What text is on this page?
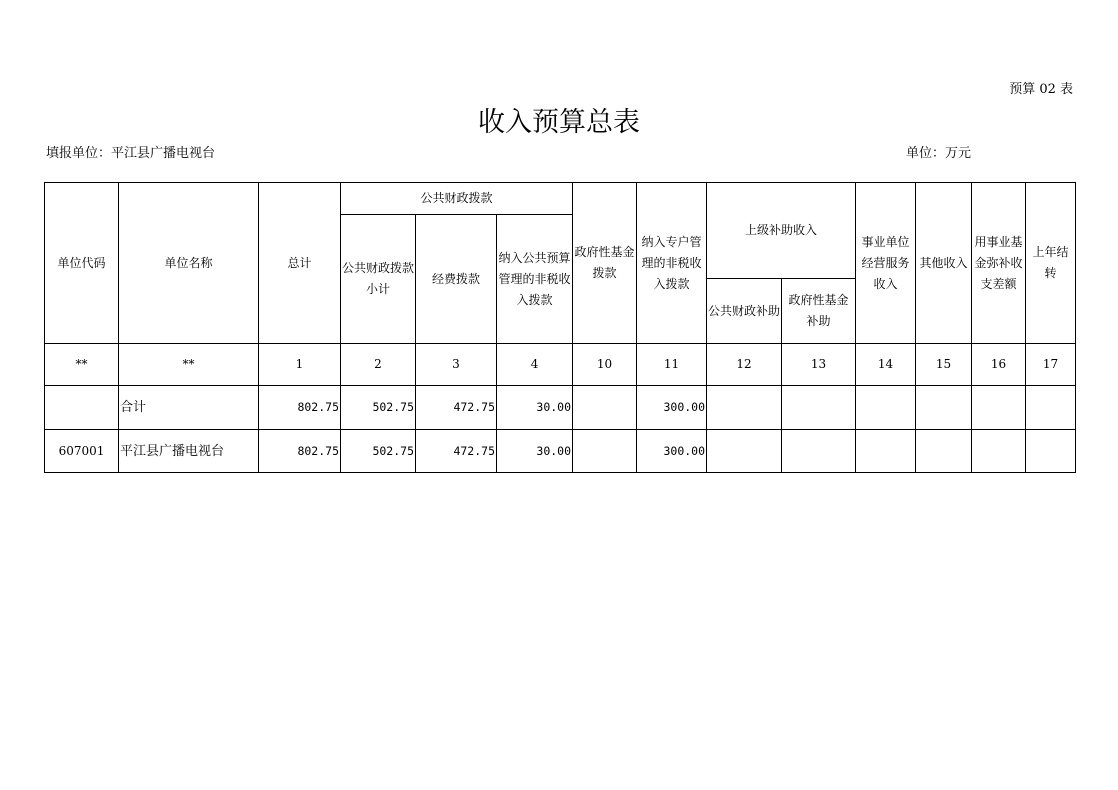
预算 02 表
收入预算总表
填报单位：平江县广播电视台	单位：万元
单位代码	单位名称	总计	公共财政拨款			政府性基金拨款	纳入专户管理的非税收入拨款	上级补助收入		事业单位经营服务收入	其他收入	用事业基金弥补收支差额	上年结转
			公共财政拨款小计	经费拨款	纳入公共预算管理的非税收入拨款								
								公共财政补助	政府性基金补助				
**	**	1	2	3	4	10	11	12	13	14	15	16	17
	合计	802.75	502.75	472.75	30.00		300.00						
607001	平江县广播电视台	802.75	502.75	472.75	30.00		300.00						
